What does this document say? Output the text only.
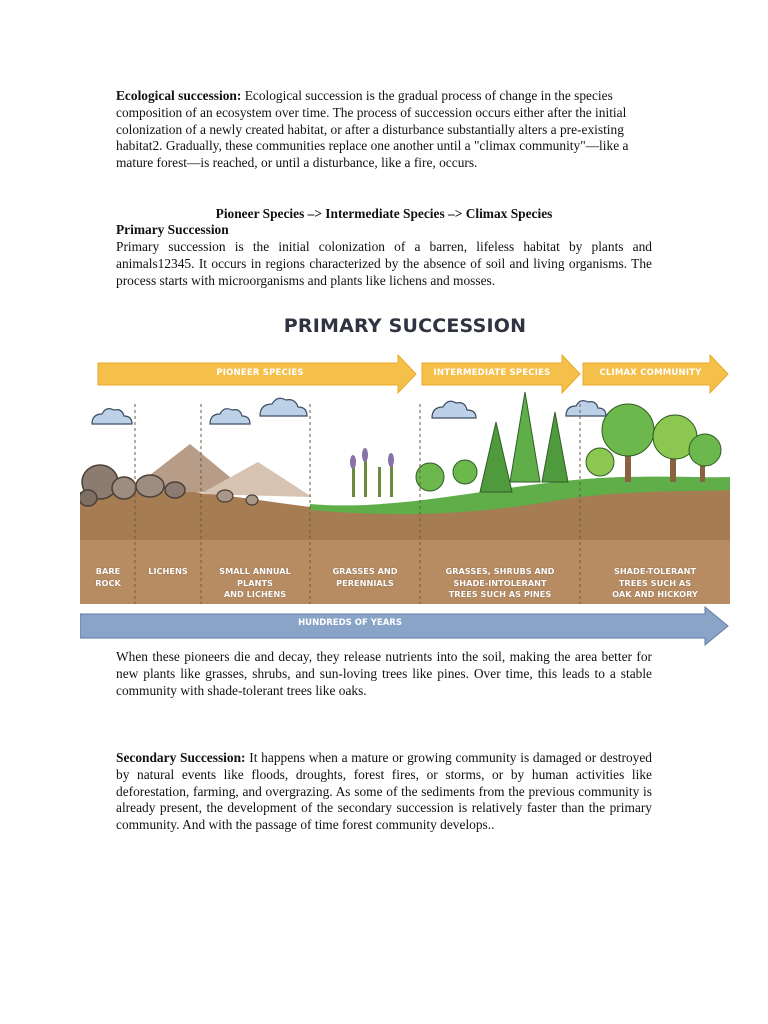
Ecological succession: Ecological succession is the gradual process of change in the species composition of an ecosystem over time. The process of succession occurs either after the initial colonization of a newly created habitat, or after a disturbance substantially alters a pre-existing habitat2. Gradually, these communities replace one another until a "climax community"—like a mature forest—is reached, or until a disturbance, like a fire, occurs.

Pioneer Species –> Intermediate Species –> Climax Species
Primary Succession

Primary succession is the initial colonization of a barren, lifeless habitat by plants and animals12345. It occurs in regions characterized by the absence of soil and living organisms. The process starts with microorganisms and plants like lichens and mosses.

PRIMARY SUCCESSION
PIONEER SPECIES	INTERMEDIATE SPECIES	CLIMAX COMMUNITY
BARE
ROCK
LICHENS	SMALL ANNUAL
PLANTS
AND LICHENS
GRASSES AND
PERENNIALS
GRASSES, SHRUBS AND
SHADE-INTOLERANT
TREES SUCH AS PINES
SHADE-TOLERANT
TREES SUCH AS
OAK AND HICKORY
HUNDREDS OF YEARS

When these pioneers die and decay, they release nutrients into the soil, making the area better for new plants like grasses, shrubs, and sun-loving trees like pines. Over time, this leads to a stable community with shade-tolerant trees like oaks.

Secondary Succession: It happens when a mature or growing community is damaged or destroyed by natural events like floods, droughts, forest fires, or storms, or by human activities like deforestation, farming, and overgrazing. As some of the sediments from the previous community is already present, the development of the secondary succession is relatively faster than the primary community. And with the passage of time forest community develops..
